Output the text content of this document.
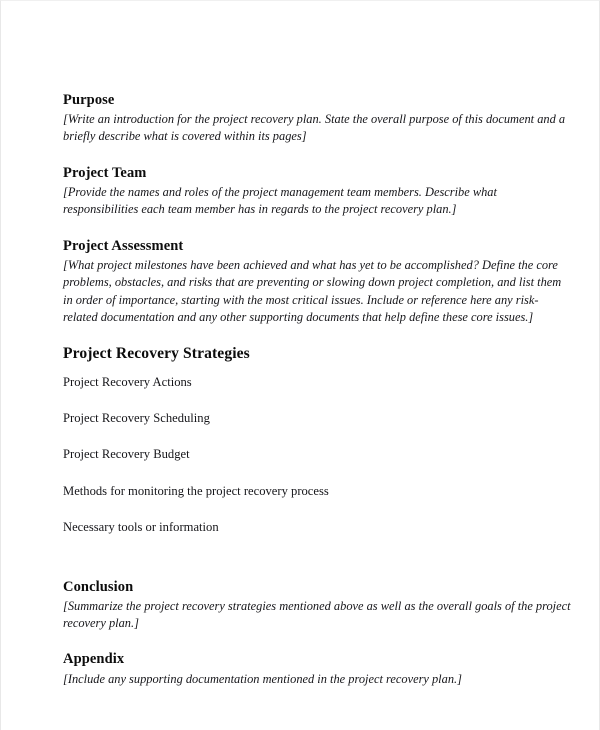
Purpose

[Write an introduction for the project recovery plan. State the overall purpose of this document and a briefly describe what is covered within its pages]

Project Team

[Provide the names and roles of the project management team members. Describe what responsibilities each team member has in regards to the project recovery plan.]

Project Assessment

[What project milestones have been achieved and what has yet to be accomplished? Define the core problems, obstacles, and risks that are preventing or slowing down project completion, and list them in order of importance, starting with the most critical issues. Include or reference here any risk-related documentation and any other supporting documents that help define these core issues.]

Project Recovery Strategies
Project Recovery Actions
Project Recovery Scheduling
Project Recovery Budget
Methods for monitoring the project recovery process
Necessary tools or information
Conclusion

[Summarize the project recovery strategies mentioned above as well as the overall goals of the project recovery plan.]

Appendix

[Include any supporting documentation mentioned in the project recovery plan.]
